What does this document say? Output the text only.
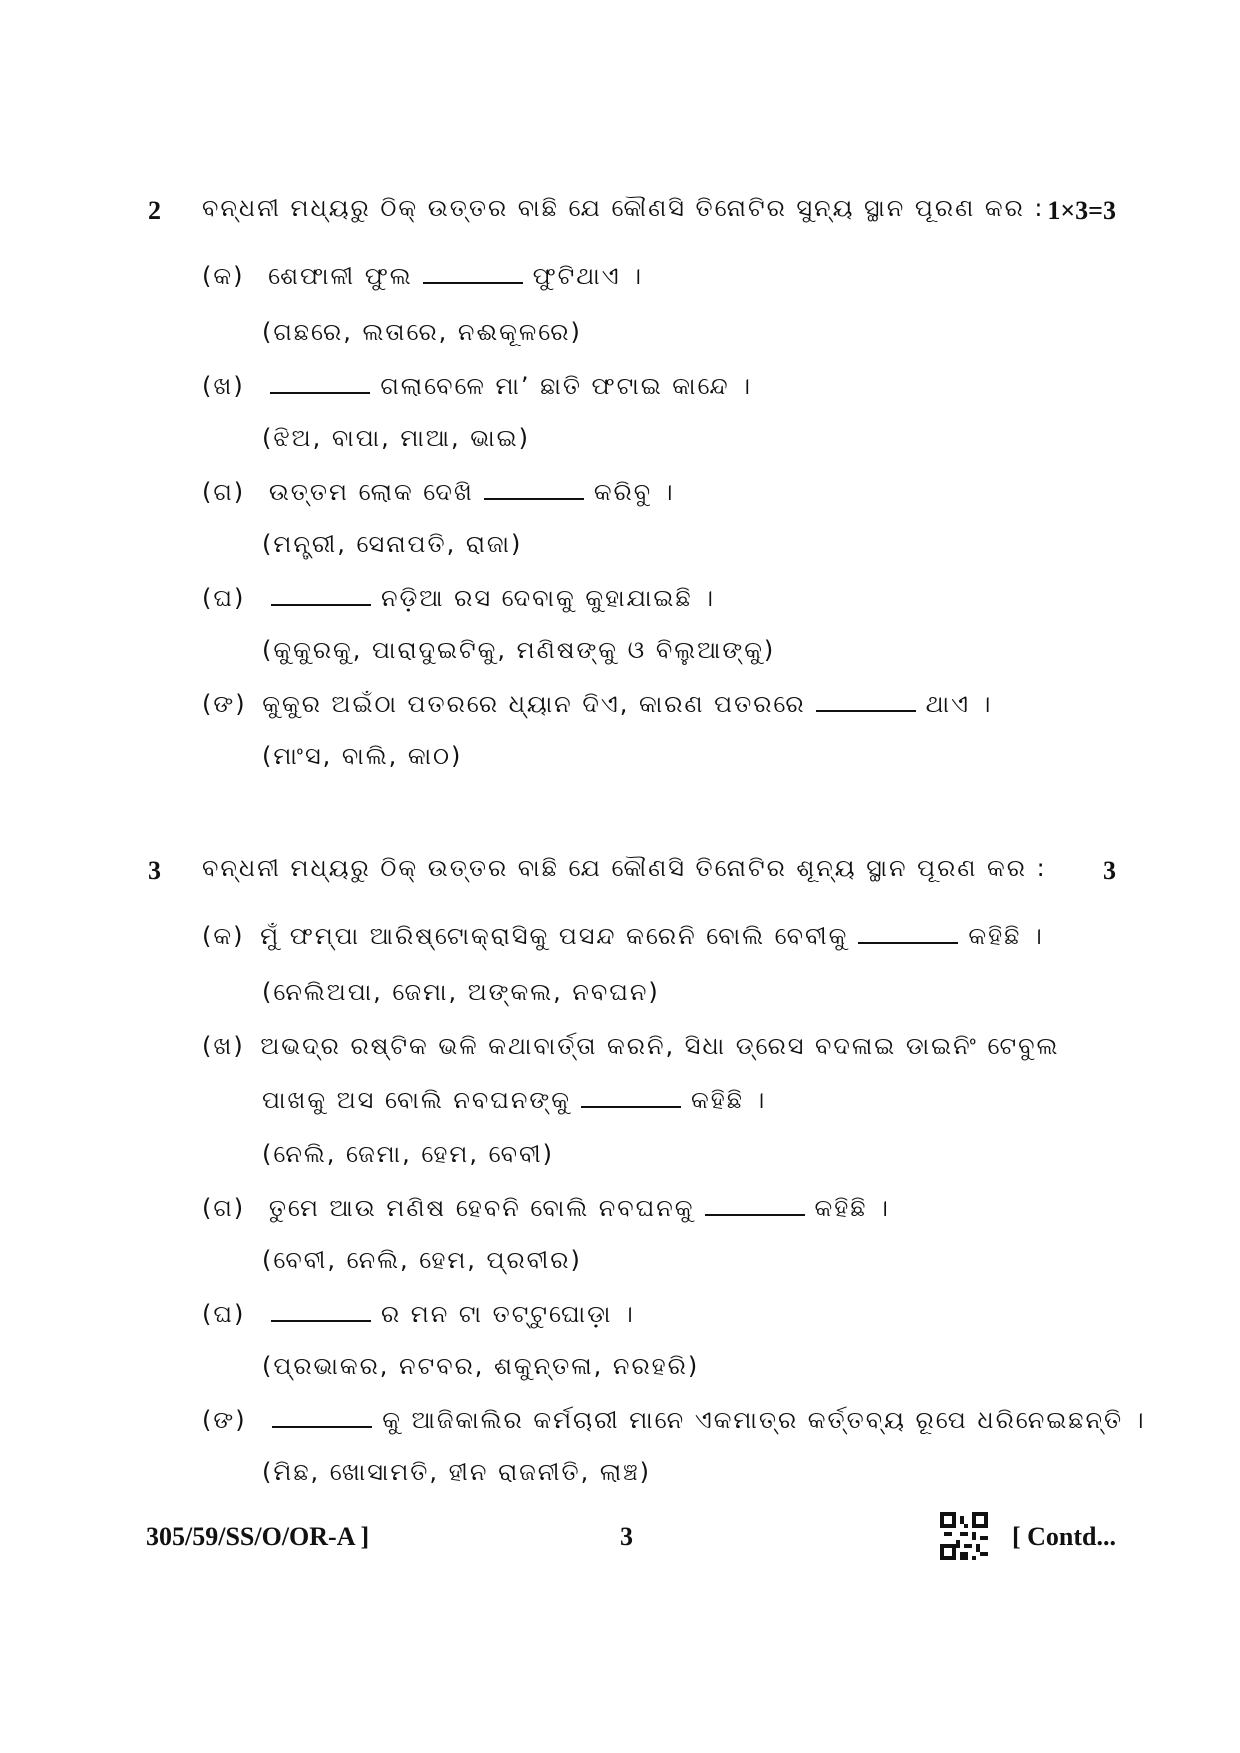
2 ବନ୍ଧନୀ ମଧ୍ୟରୁ ଠିକ୍ ଉତ୍ତର ବାଛି ଯେ କୌଣସି ତିନୋଟିର ସୁନ୍ୟ ସ୍ଥାନ ପୂରଣ କର : 1×3=3
(କ) ଶେଫାଳୀ ଫୁଲ	ଫୁଟିଥାଏ ।
(ଗଛରେ, ଲତାରେ, ନଈକୂଳରେ)
(ଖ)	ଗଲାବେଳେ ମା’ ଛାତି ଫଟାଇ କାନ୍ଦେ ।
(ଝିଅ, ବାପା, ମାଆ, ଭାଇ)
(ଗ) ଉତ୍ତମ ଲୋକ ଦେଖି	କରିବୁ ।
(ମନ୍ତ୍ରୀ, ସେନାପତି, ରାଜା)
(ଘ)	ନଡ଼ିଆ ରସ ଦେବାକୁ କୁହାଯାଇଛି ।
(କୁକୁରକୁ, ପାରାଦୁଇଟିକୁ, ମଣିଷଙ୍କୁ ଓ ବିଲୁଆଙ୍କୁ)
(ଙ) କୁକୁର ଅଇଁଠା ପତରରେ ଧ୍ୟାନ ଦିଏ, କାରଣ ପତରରେ	ଥାଏ ।
(ମାଂସ, ବାଲି, କାଠ)
3 ବନ୍ଧନୀ ମଧ୍ୟରୁ ଠିକ୍ ଉତ୍ତର ବାଛି ଯେ କୌଣସି ତିନୋଟିର ଶୂନ୍ୟ ସ୍ଥାନ ପୂରଣ କର : 3
(କ) ମୁଁ ଫମ୍ପା ଆରିଷ୍ଟୋକ୍ରାସିକୁ ପସନ୍ଦ କରେନି ବୋଲି ବେବୀକୁ	କହିଛି ।
(ନେଲିଅପା, ଜେମା, ଅଙ୍କଲ, ନବଘନ)
(ଖ) ଅଭଦ୍ର ରଷ୍ଟିକ ଭଳି କଥାବାର୍ତ୍ତା କରନି, ସିଧା ଡ୍ରେସ ବଦଳାଇ ଡାଇନିଂ ଟେବୁଲ
ପାଖକୁ ଅସ ବୋଲି ନବଘନଙ୍କୁ	କହିଛି ।
(ନେଲି, ଜେମା, ହେମ, ବେବୀ)
(ଗ) ତୁମେ ଆଉ ମଣିଷ ହେବନି ବୋଲି ନବଘନକୁ	କହିଛି ।
(ବେବୀ, ନେଲି, ହେମ, ପ୍ରବୀର)
(ଘ)	ର ମନ ଟା ତଟ୍ଟୁଘୋଡ଼ା ।
(ପ୍ରଭାକର, ନଟବର, ଶକୁନ୍ତଳା, ନରହରି)
(ଙ)	କୁ ଆଜିକାଲିର କର୍ମଚାରୀ ମାନେ ଏକମାତ୍ର କର୍ତ୍ତବ୍ୟ ରୂପେ ଧରିନେଇଛନ୍ତି ।
(ମିଛ, ଖୋସାମତି, ହୀନ ରାଜନୀତି, ଲାଞ୍ଚ)
305/59/SS/O/OR-A ]	3	[ Contd...
